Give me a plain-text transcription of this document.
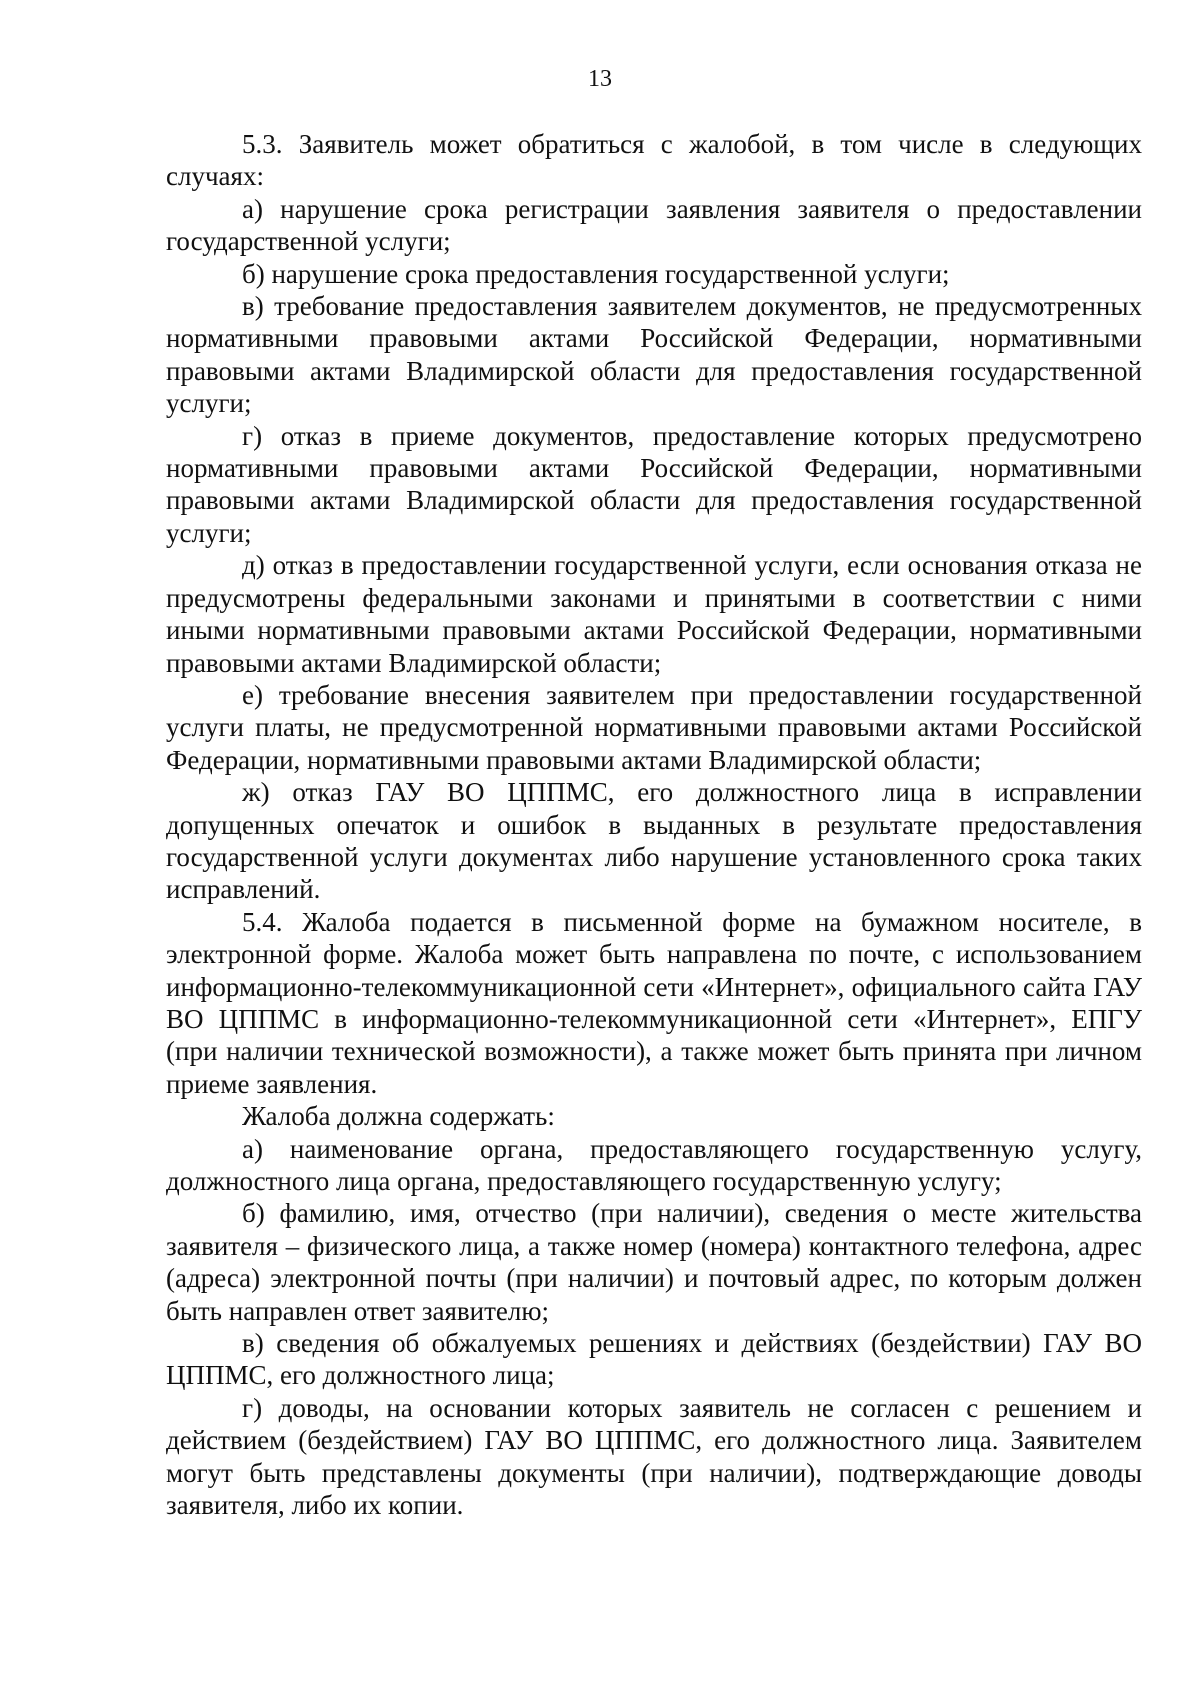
13

5.3. Заявитель может обратиться с жалобой, в том числе в следующих случаях:

а) нарушение срока регистрации заявления заявителя о предоставлении государственной услуги;

б) нарушение срока предоставления государственной услуги;

в) требование предоставления заявителем документов, не предусмотренных нормативными правовыми актами Российской Федерации, нормативными правовыми актами Владимирской области для предоставления государственной услуги;

г) отказ в приеме документов, предоставление которых предусмотрено нормативными правовыми актами Российской Федерации, нормативными правовыми актами Владимирской области для предоставления государственной услуги;

д) отказ в предоставлении государственной услуги, если основания отказа не предусмотрены федеральными законами и принятыми в соответствии с ними иными нормативными правовыми актами Российской Федерации, нормативными правовыми актами Владимирской области;

е) требование внесения заявителем при предоставлении государственной услуги платы, не предусмотренной нормативными правовыми актами Российской Федерации, нормативными правовыми актами Владимирской области;

ж) отказ ГАУ ВО ЦППМС, его должностного лица в исправлении допущенных опечаток и ошибок в выданных в результате предоставления государственной услуги документах либо нарушение установленного срока таких исправлений.

5.4. Жалоба подается в письменной форме на бумажном носителе, в электронной форме. Жалоба может быть направлена по почте, с использованием информационно-телекоммуникационной сети «Интернет», официального сайта ГАУ ВО ЦППМС в информационно-телекоммуникационной сети «Интернет», ЕПГУ (при наличии технической возможности), а также может быть принята при личном приеме заявления.

Жалоба должна содержать:

а) наименование органа, предоставляющего государственную услугу, должностного лица органа, предоставляющего государственную услугу;

б) фамилию, имя, отчество (при наличии), сведения о месте жительства заявителя – физического лица, а также номер (номера) контактного телефона, адрес (адреса) электронной почты (при наличии) и почтовый адрес, по которым должен быть направлен ответ заявителю;

в) сведения об обжалуемых решениях и действиях (бездействии) ГАУ ВО ЦППМС, его должностного лица;

г) доводы, на основании которых заявитель не согласен с решением и действием (бездействием) ГАУ ВО ЦППМС, его должностного лица. Заявителем могут быть представлены документы (при наличии), подтверждающие доводы заявителя, либо их копии.
